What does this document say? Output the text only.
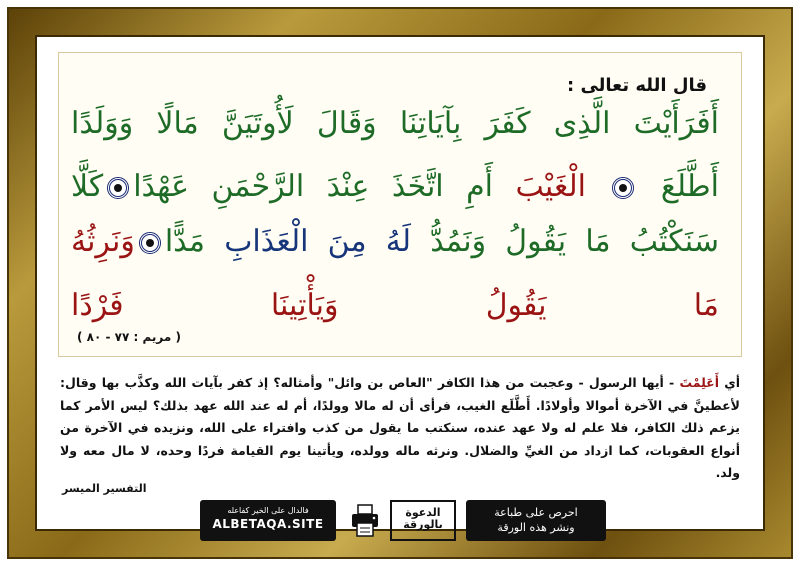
قال الله تعالى :
أَفَرَأَيْتَ الَّذِى كَفَرَ بِآيَاتِنَا وَقَالَ لَأُوتَيَنَّ مَالًا وَوَلَدًا
أَطَّلَعَ  الْغَيْبَ أَمِ اتَّخَذَ عِنْدَ الرَّحْمَنِ عَهْدًاكَلَّا
سَنَكْتُبُ مَا يَقُولُ وَنَمُدُّ لَهُ مِنَ الْعَذَابِ مَدًّاوَنَرِثُهُ
مَا يَقُولُ وَيَأْتِينَا فَرْدًا
( مريم : ٧٧ - ٨٠ )
أي أَعَلِمْتَ - أيها الرسول - وعجبت من هذا الكافر "العاص بن وائل" وأمثاله؟ إذ كفر بآيات الله وكذَّب بها وقال: لأعطينَّ في الآخرة أموالا وأولادًا. أَطَّلَع الغيب، فرأى أن له مالا وولدًا، أم له عند الله عهد بذلك؟ ليس الأمر كما يزعم ذلك الكافر، فلا علم له ولا عهد عنده، سنكتب ما يقول من كذب وافتراء على الله، ونزيده في الآخرة من أنواع العقوبات، كما ازداد من الغيِّ والضلال. ونرثه ماله وولده، ويأتينا يوم القيامة فردًا وحده، لا مال معه ولا ولد.
التفسير الميسر
فالدال على الخير كفاعله
ALBETAQA.SITE
الدعوة
بالورقة
احرص على طباعة
ونشر هذه الورقة
